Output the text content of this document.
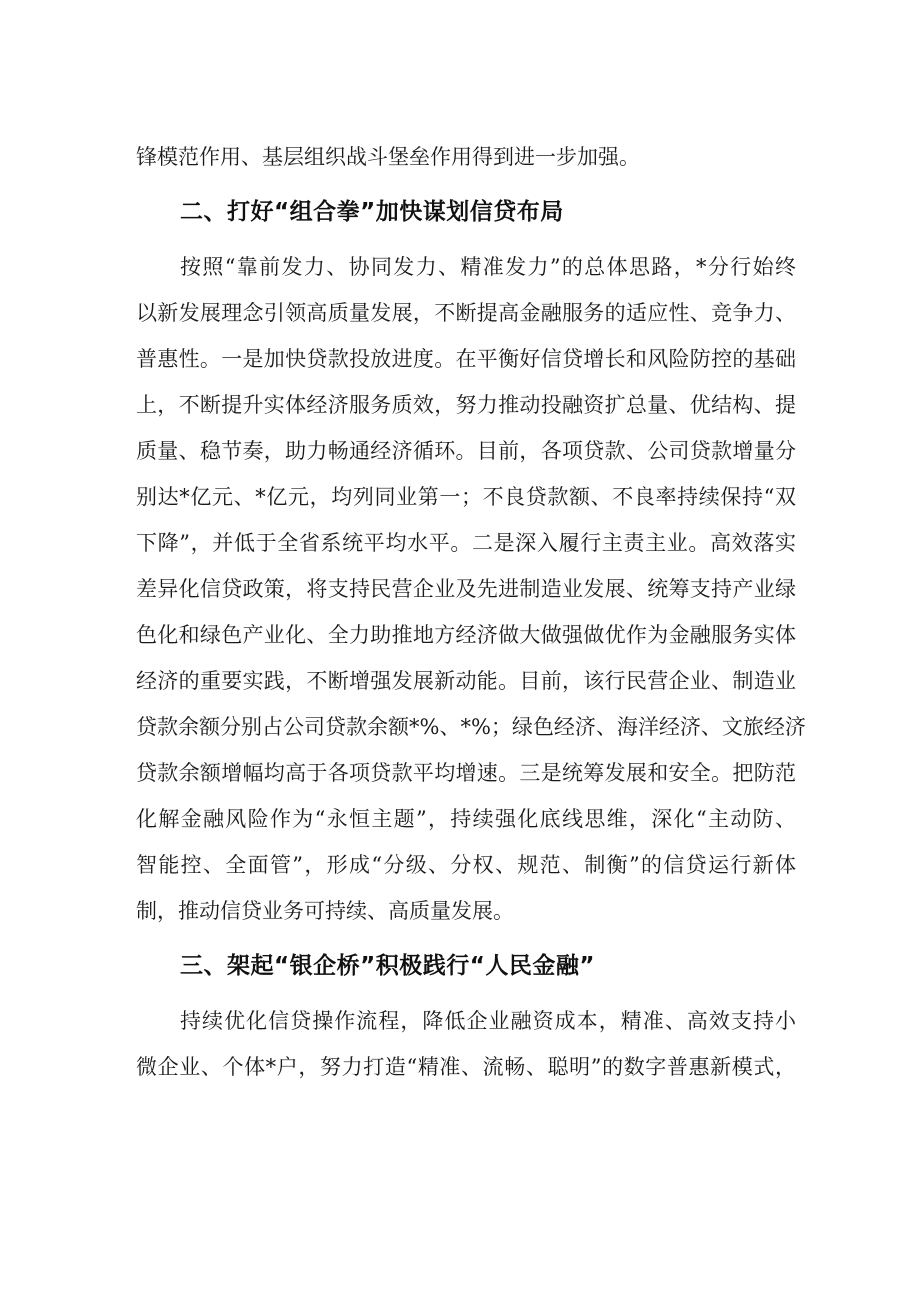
锋模范作用、基层组织战斗堡垒作用得到进一步加强。
二、打好“组合拳”加快谋划信贷布局
按照“靠前发力、协同发力、精准发力”的总体思路，*分行始终
以新发展理念引领高质量发展，不断提高金融服务的适应性、竞争力、
普惠性。一是加快贷款投放进度。在平衡好信贷增长和风险防控的基础
上，不断提升实体经济服务质效，努力推动投融资扩总量、优结构、提
质量、稳节奏，助力畅通经济循环。目前，各项贷款、公司贷款增量分
别达*亿元、*亿元，均列同业第一；不良贷款额、不良率持续保持“双
下降”，并低于全省系统平均水平。二是深入履行主责主业。高效落实
差异化信贷政策，将支持民营企业及先进制造业发展、统筹支持产业绿
色化和绿色产业化、全力助推地方经济做大做强做优作为金融服务实体
经济的重要实践，不断增强发展新动能。目前，该行民营企业、制造业
贷款余额分别占公司贷款余额*%、*%；绿色经济、海洋经济、文旅经济
贷款余额增幅均高于各项贷款平均增速。三是统筹发展和安全。把防范
化解金融风险作为“永恒主题”，持续强化底线思维，深化“主动防、
智能控、全面管”，形成“分级、分权、规范、制衡”的信贷运行新体
制，推动信贷业务可持续、高质量发展。
三、架起“银企桥”积极践行“人民金融”
持续优化信贷操作流程，降低企业融资成本，精准、高效支持小
微企业、个体*户，努力打造“精准、流畅、聪明”的数字普惠新模式，
